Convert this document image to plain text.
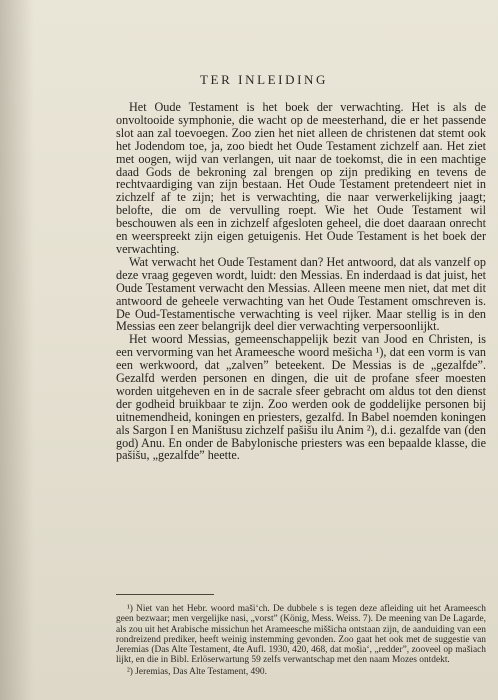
TER INLEIDING

Het Oude Testament is het boek der verwachting. Het is als de onvoltooide symphonie, die wacht op de meesterhand, die er het passende slot aan zal toevoegen. Zoo zien het niet alleen de christenen dat stemt ook het Jodendom toe, ja, zoo biedt het Oude Testament zichzelf aan. Het ziet met oogen, wijd van verlangen, uit naar de toekomst, die in een machtige daad Gods de bekroning zal brengen op zijn prediking en tevens de rechtvaardiging van zijn bestaan. Het Oude Testament pretendeert niet in zichzelf af te zijn; het is verwachting, die naar verwerkelijking jaagt; belofte, die om de vervulling roept. Wie het Oude Testament wil beschouwen als een in zichzelf afgesloten geheel, die doet daaraan onrecht en weerspreekt zijn eigen getuigenis. Het Oude Testament is het boek der verwachting.

Wat verwacht het Oude Testament dan? Het antwoord, dat als vanzelf op deze vraag gegeven wordt, luidt: den Messias. En inderdaad is dat juist, het Oude Testament verwacht den Messias. Alleen meene men niet, dat met dit antwoord de geheele verwachting van het Oude Testament omschreven is. De Oud-Testamentische verwachting is veel rijker. Maar stellig is in den Messias een zeer belangrijk deel dier verwachting verpersoonlijkt.

Het woord Messias, gemeenschappelijk bezit van Jood en Christen, is een vervorming van het Arameesche woord mešicha ¹), dat een vorm is van een werkwoord, dat „zalven” beteekent. De Messias is de „gezalfde”. Gezalfd werden personen en dingen, die uit de profane sfeer moesten worden uitgeheven en in de sacrale sfeer gebracht om aldus tot den dienst der godheid bruikbaar te zijn. Zoo werden ook de goddelijke personen bij uitnemendheid, koningen en priesters, gezalfd. In Babel noemden koningen als Sargon I en Maništusu zichzelf pašišu ilu Anim ²), d.i. gezalfde van (den god) Anu. En onder de Babylonische priesters was een bepaalde klasse, die pašišu, „gezalfde” heette.

¹) Niet van het Hebr. woord maši‘ch. De dubbele s is tegen deze afleiding uit het Arameesch geen bezwaar; men vergelijke nasi, „vorst” (König, Mess. Weiss. 7). De meening van De Lagarde, als zou uit het Arabische missichun het Arameesche miššicha ontstaan zijn, de aanduiding van een rondreizend prediker, heeft weinig instemming gevonden. Zoo gaat het ook met de suggestie van Jeremias (Das Alte Testament, 4te Aufl. 1930, 420, 468, dat mošia‘, „redder”, zooveel op mašiach lijkt, en die in Bibl. Erlöserwartung 59 zelfs verwantschap met den naam Mozes ontdekt.

²) Jeremias, Das Alte Testament, 490.
